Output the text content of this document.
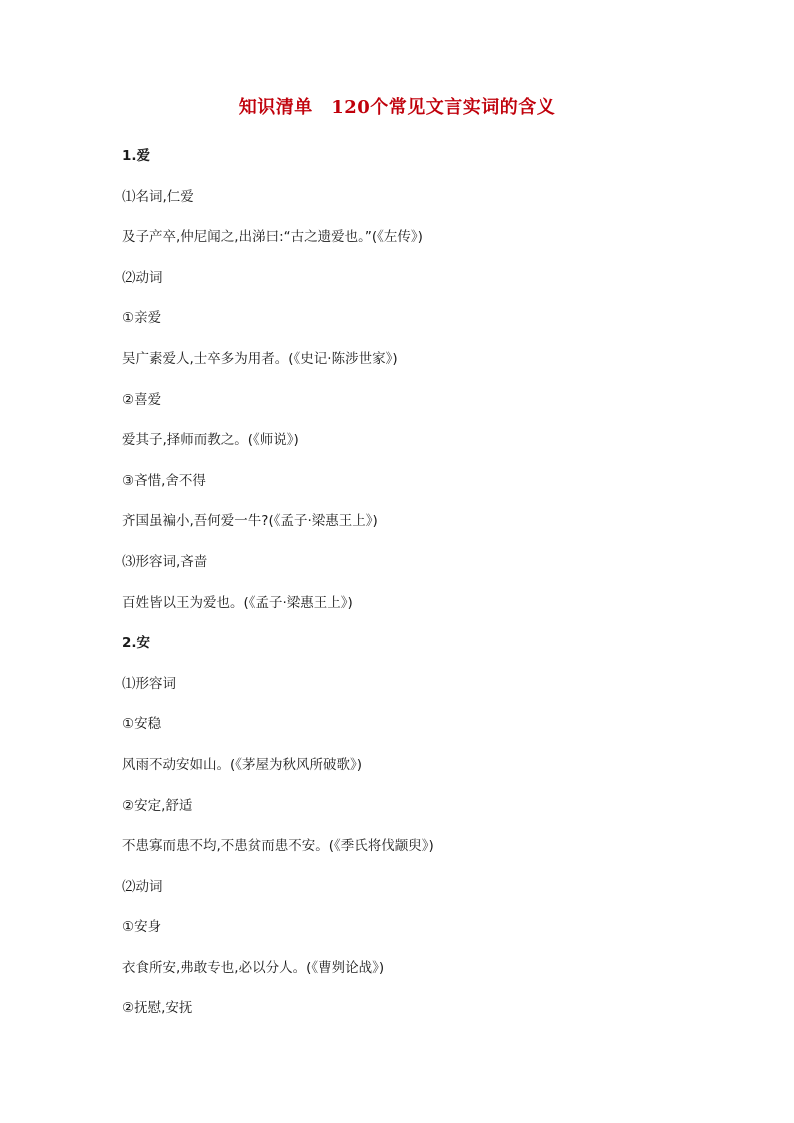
知识清单　120个常见文言实词的含义
1.爱
⑴名词,仁爱
及子产卒,仲尼闻之,出涕曰:“古之遗爱也。”(《左传》)
⑵动词
①亲爱
吴广素爱人,士卒多为用者。(《史记·陈涉世家》)
②喜爱
爱其子,择师而教之。(《师说》)
③吝惜,舍不得
齐国虽褊小,吾何爱一牛?(《孟子·梁惠王上》)
⑶形容词,吝啬
百姓皆以王为爱也。(《孟子·梁惠王上》)
2.安
⑴形容词
①安稳
风雨不动安如山。(《茅屋为秋风所破歌》)
②安定,舒适
不患寡而患不均,不患贫而患不安。(《季氏将伐颛臾》)
⑵动词
①安身
衣食所安,弗敢专也,必以分人。(《曹刿论战》)
②抚慰,安抚
